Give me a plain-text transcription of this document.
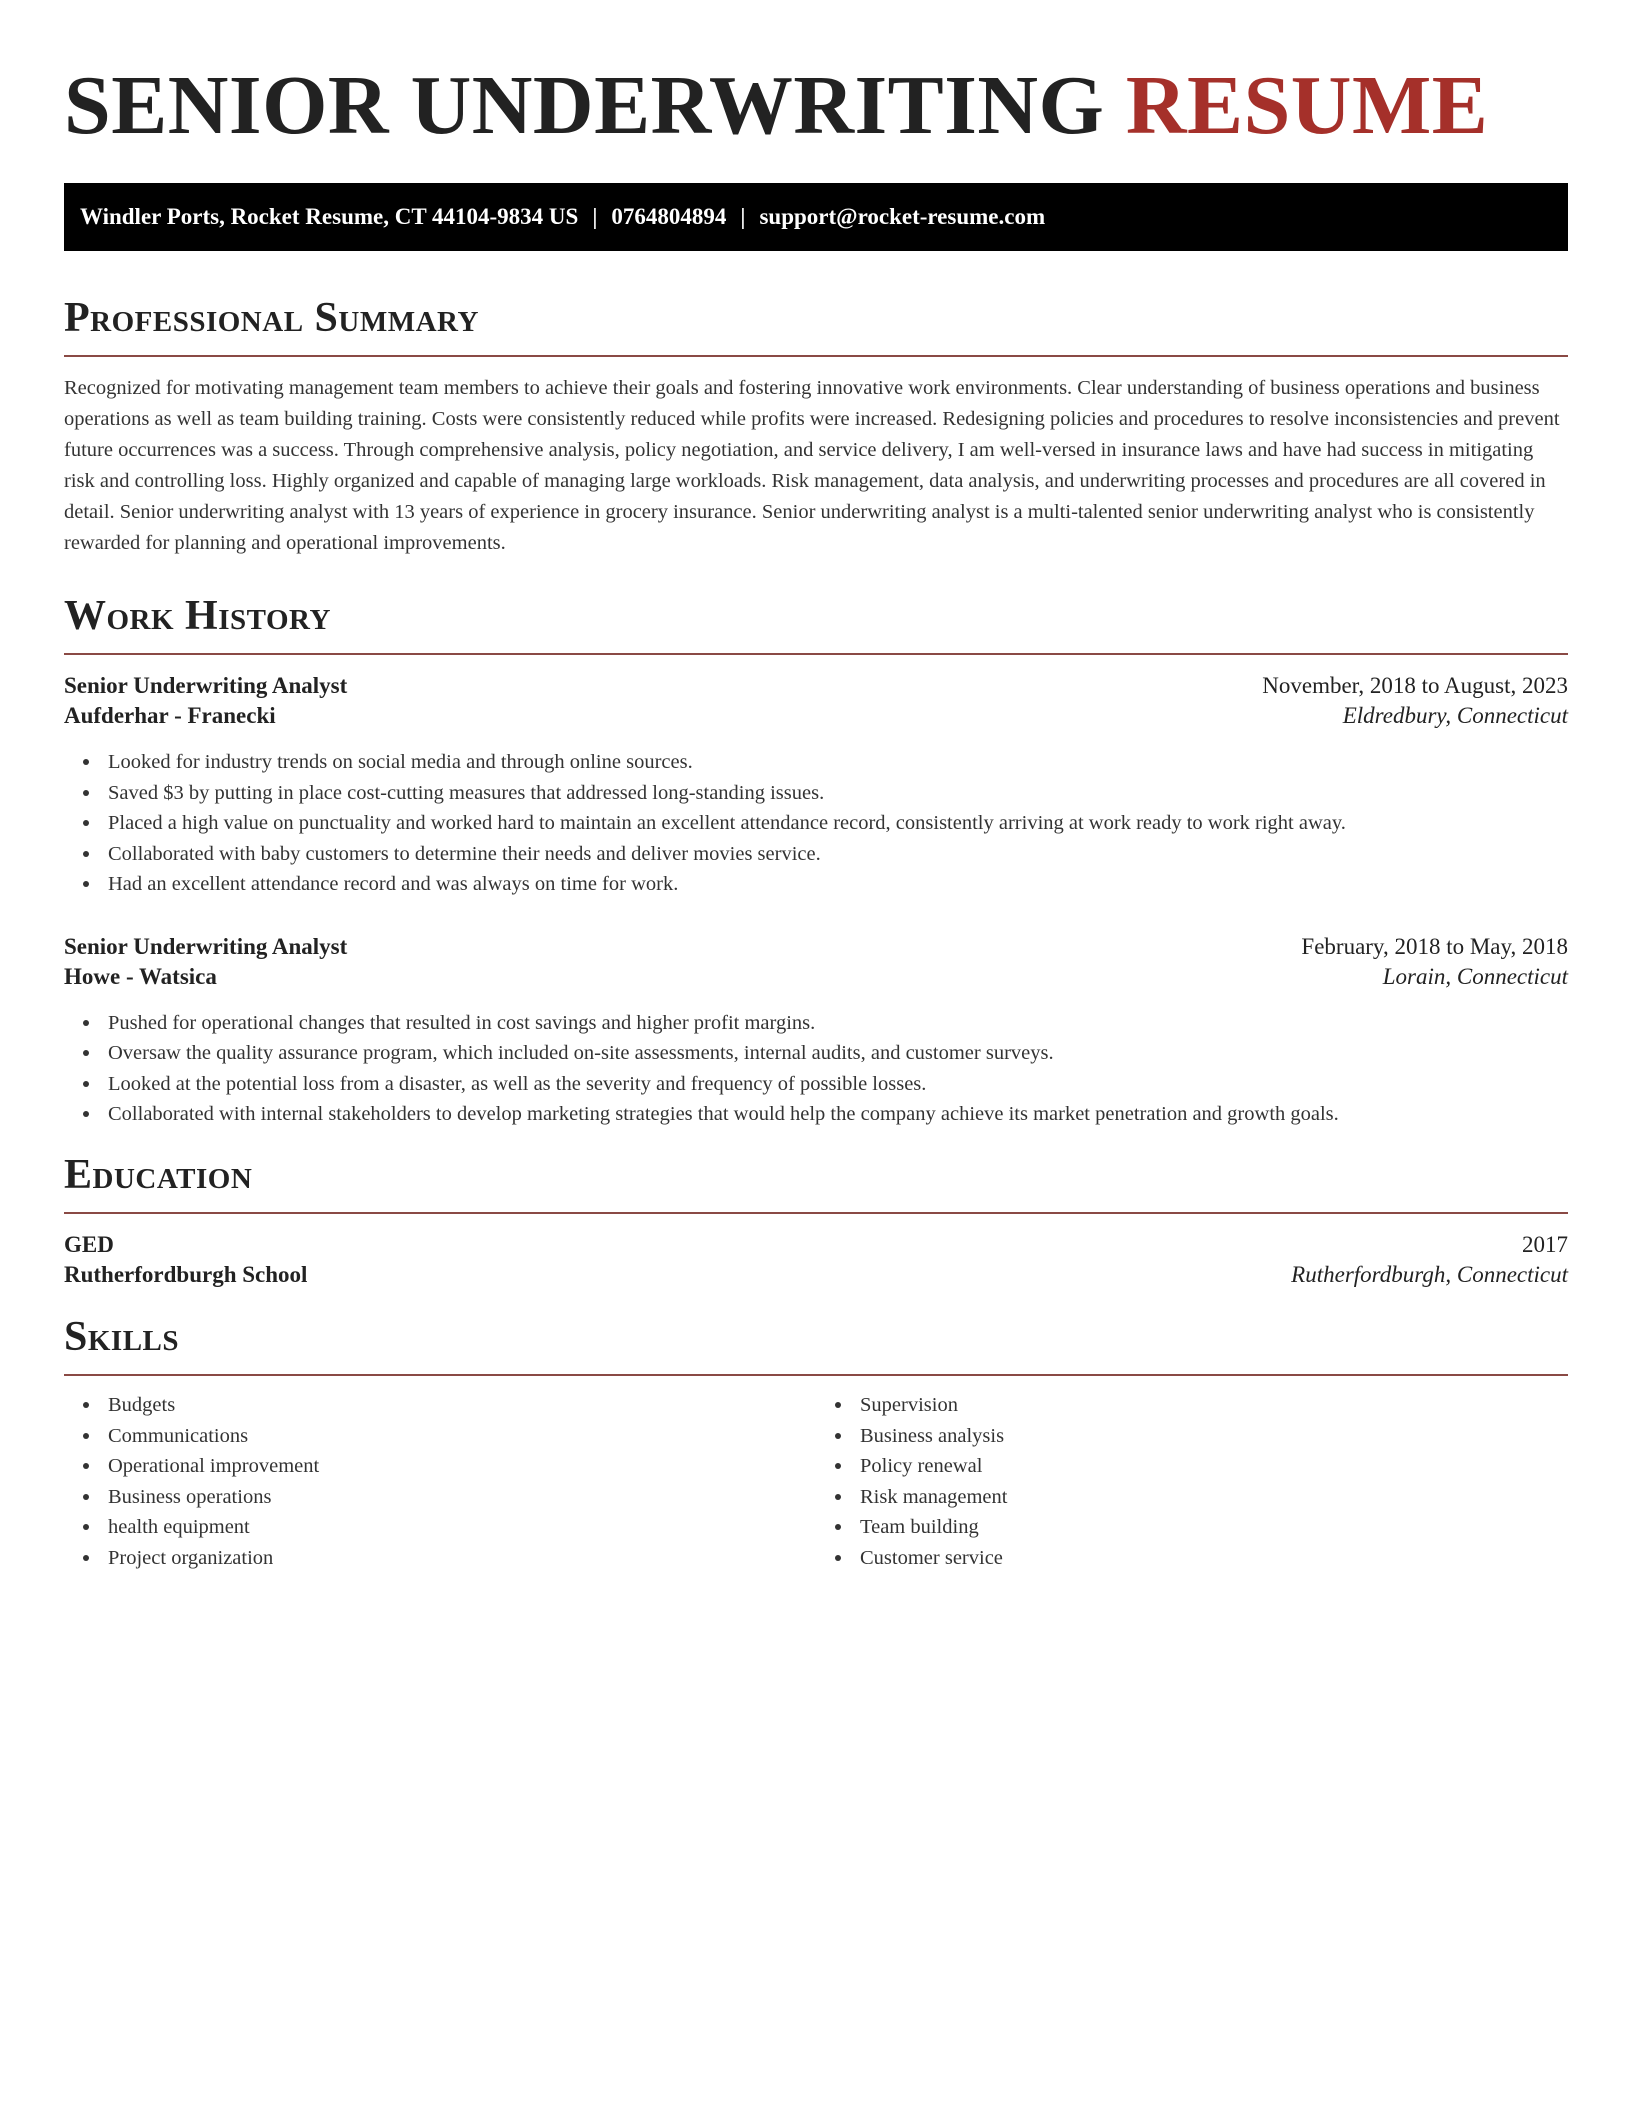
SENIOR UNDERWRITING RESUME
Windler Ports, Rocket Resume, CT 44104-9834 US | 0764804894 | support@rocket-resume.com
Professional Summary

Recognized for motivating management team members to achieve their goals and fostering innovative work environments. Clear understanding of business operations and business operations as well as team building training. Costs were consistently reduced while profits were increased. Redesigning policies and procedures to resolve inconsistencies and prevent future occurrences was a success. Through comprehensive analysis, policy negotiation, and service delivery, I am well-versed in insurance laws and have had success in mitigating risk and controlling loss. Highly organized and capable of managing large workloads. Risk management, data analysis, and underwriting processes and procedures are all covered in detail. Senior underwriting analyst with 13 years of experience in grocery insurance. Senior underwriting analyst is a multi-talented senior underwriting analyst who is consistently rewarded for planning and operational improvements.

Work History
Senior Underwriting Analyst	November, 2018 to August, 2023
Aufderhar - Franecki	Eldredbury, Connecticut
Looked for industry trends on social media and through online sources.
Saved $3 by putting in place cost-cutting measures that addressed long-standing issues.
Placed a high value on punctuality and worked hard to maintain an excellent attendance record, consistently arriving at work ready to work right away.
Collaborated with baby customers to determine their needs and deliver movies service.
Had an excellent attendance record and was always on time for work.
Senior Underwriting Analyst	February, 2018 to May, 2018
Howe - Watsica	Lorain, Connecticut
Pushed for operational changes that resulted in cost savings and higher profit margins.
Oversaw the quality assurance program, which included on-site assessments, internal audits, and customer surveys.
Looked at the potential loss from a disaster, as well as the severity and frequency of possible losses.
Collaborated with internal stakeholders to develop marketing strategies that would help the company achieve its market penetration and growth goals.
Education
GED	2017
Rutherfordburgh School	Rutherfordburgh, Connecticut
Skills
Budgets
Communications
Operational improvement
Business operations
health equipment
Project organization
Supervision
Business analysis
Policy renewal
Risk management
Team building
Customer service
